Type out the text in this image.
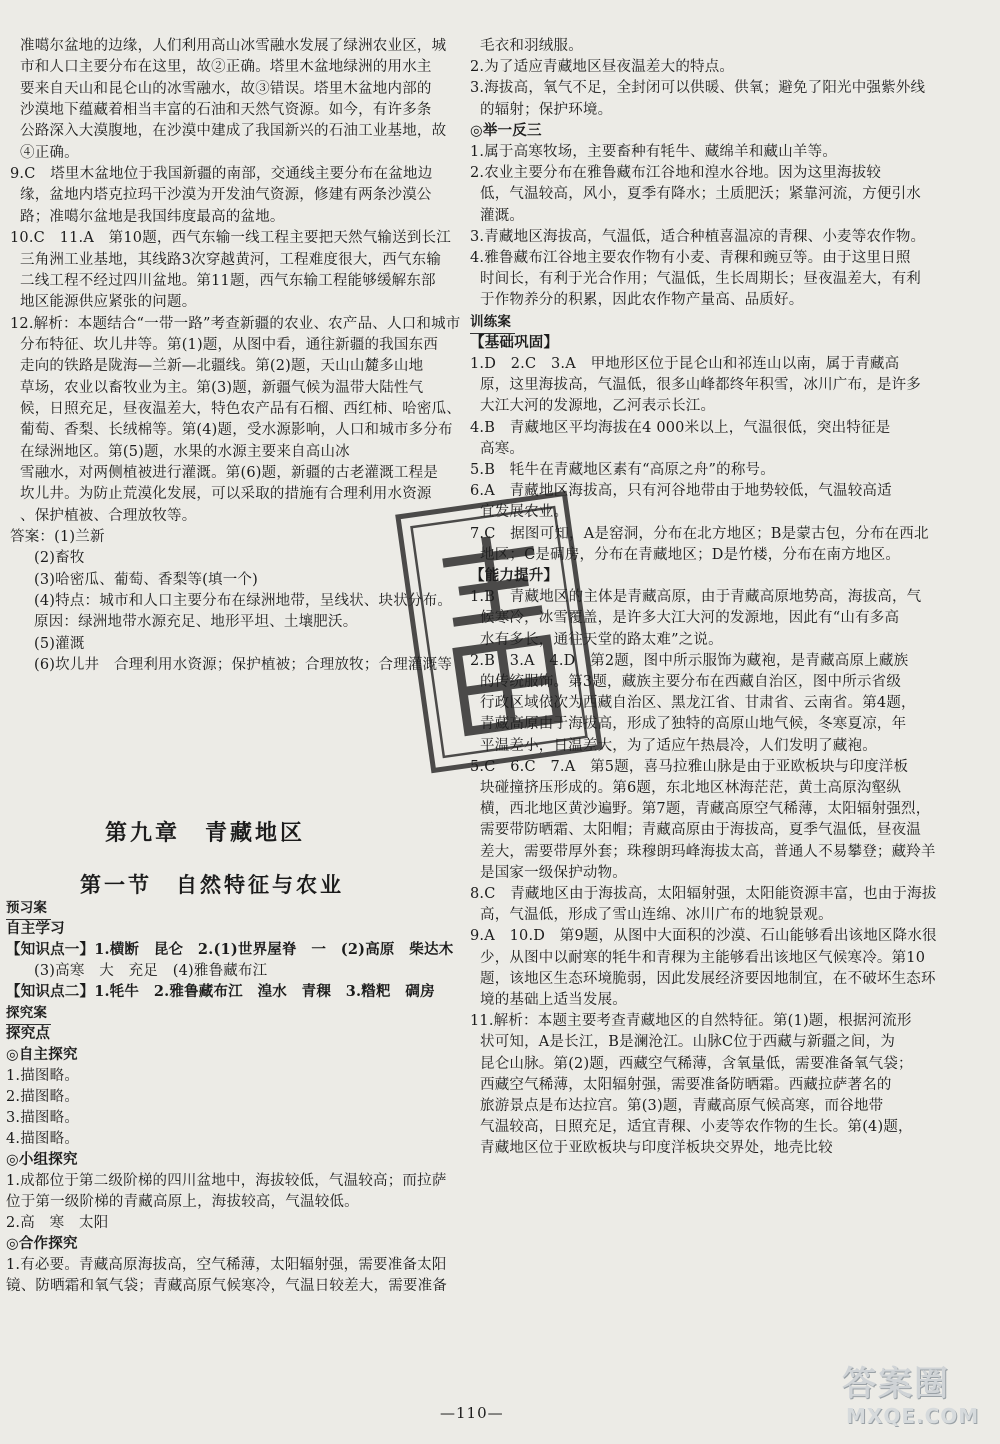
准噶尔盆地的边缘，人们利用高山冰雪融水发展了绿洲农业区，城
市和人口主要分布在这里，故②正确。塔里木盆地绿洲的用水主
要来自天山和昆仑山的冰雪融水，故③错误。塔里木盆地内部的
沙漠地下蕴藏着相当丰富的石油和天然气资源。如今，有许多条
公路深入大漠腹地，在沙漠中建成了我国新兴的石油工业基地，故
④正确。
9.C　塔里木盆地位于我国新疆的南部，交通线主要分布在盆地边
缘，盆地内塔克拉玛干沙漠为开发油气资源，修建有两条沙漠公
路；准噶尔盆地是我国纬度最高的盆地。
10.C　11.A　第10题，西气东输一线工程主要把天然气输送到长江
三角洲工业基地，其线路3次穿越黄河，工程难度很大，西气东输
二线工程不经过四川盆地。第11题，西气东输工程能够缓解东部
地区能源供应紧张的问题。
12.解析：本题结合“一带一路”考查新疆的农业、农产品、人口和城市
分布特征、坎儿井等。第(1)题，从图中看，通往新疆的我国东西
走向的铁路是陇海—兰新—北疆线。第(2)题，天山山麓多山地
草场，农业以畜牧业为主。第(3)题，新疆气候为温带大陆性气
候，日照充足，昼夜温差大，特色农产品有石榴、西红柿、哈密瓜、
葡萄、香梨、长绒棉等。第(4)题，受水源影响，人口和城市多分布
在绿洲地区。第(5)题，水果的水源主要来自高山冰
雪融水，对两侧植被进行灌溉。第(6)题，新疆的古老灌溉工程是
坎儿井。为防止荒漠化发展，可以采取的措施有合理利用水资源
、保护植被、合理放牧等。
答案：(1)兰新
(2)畜牧
(3)哈密瓜、葡萄、香梨等(填一个)
(4)特点：城市和人口主要分布在绿洲地带，呈线状、块状分布。
原因：绿洲地带水源充足、地形平坦、土壤肥沃。
(5)灌溉
(6)坎儿井　合理利用水资源；保护植被；合理放牧；合理灌溉等
预习案
自主学习
【知识点一】1.横断　昆仑　2.(1)世界屋脊　一　(2)高原　柴达木
(3)高寒　大　充足　(4)雅鲁藏布江
【知识点二】1.牦牛　2.雅鲁藏布江　湟水　青稞　3.糌粑　碉房
探究案
探究点
◎自主探究
1.描图略。
2.描图略。
3.描图略。
4.描图略。
◎小组探究
1.成都位于第二级阶梯的四川盆地中，海拔较低，气温较高；而拉萨
位于第一级阶梯的青藏高原上，海拔较高，气温较低。
2.高　寒　太阳
◎合作探究
1.有必要。青藏高原海拔高，空气稀薄，太阳辐射强，需要准备太阳
镜、防晒霜和氧气袋；青藏高原气候寒冷，气温日较差大，需要准备
毛衣和羽绒服。
2.为了适应青藏地区昼夜温差大的特点。
3.海拔高，氧气不足，全封闭可以供暖、供氧；避免了阳光中强紫外线
的辐射；保护环境。
◎举一反三
1.属于高寒牧场，主要畜种有牦牛、藏绵羊和藏山羊等。
2.农业主要分布在雅鲁藏布江谷地和湟水谷地。因为这里海拔较
低，气温较高，风小，夏季有降水；土质肥沃；紧靠河流，方便引水
灌溉。
3.青藏地区海拔高，气温低，适合种植喜温凉的青稞、小麦等农作物。
4.雅鲁藏布江谷地主要农作物有小麦、青稞和豌豆等。由于这里日照
时间长，有利于光合作用；气温低，生长周期长；昼夜温差大，有利
于作物养分的积累，因此农作物产量高、品质好。
训练案
【基础巩固】
1.D　2.C　3.A　甲地形区位于昆仑山和祁连山以南，属于青藏高
原，这里海拔高，气温低，很多山峰都终年积雪，冰川广布，是许多
大江大河的发源地，乙河表示长江。
4.B　青藏地区平均海拔在4 000米以上，气温很低，突出特征是
高寒。
5.B　牦牛在青藏地区素有“高原之舟”的称号。
6.A　青藏地区海拔高，只有河谷地带由于地势较低，气温较高适
宜发展农业。
7.C　据图可知，A是窑洞，分布在北方地区；B是蒙古包，分布在西北
地区；C是碉房，分布在青藏地区；D是竹楼，分布在南方地区。
【能力提升】
1.B　青藏地区的主体是青藏高原，由于青藏高原地势高，海拔高，气
候寒冷，冰雪覆盖，是许多大江大河的发源地，因此有“山有多高
水有多长，通往天堂的路太难”之说。
2.B　3.A　4.D　第2题，图中所示服饰为藏袍，是青藏高原上藏族
的传统服饰。第3题，藏族主要分布在西藏自治区，图中所示省级
行政区域依次为西藏自治区、黑龙江省、甘肃省、云南省。第4题，
青藏高原由于海拔高，形成了独特的高原山地气候，冬寒夏凉，年
平温差小，日温差大，为了适应午热晨冷，人们发明了藏袍。
5.C　6.C　7.A　第5题，喜马拉雅山脉是由于亚欧板块与印度洋板
块碰撞挤压形成的。第6题，东北地区林海茫茫，黄土高原沟壑纵
横，西北地区黄沙遍野。第7题，青藏高原空气稀薄，太阳辐射强烈，
需要带防晒霜、太阳帽；青藏高原由于海拔高，夏季气温低，昼夜温
差大，需要带厚外套；珠穆朗玛峰海拔太高，普通人不易攀登；藏羚羊
是国家一级保护动物。
8.C　青藏地区由于海拔高，太阳辐射强，太阳能资源丰富，也由于海拔
高，气温低，形成了雪山连绵、冰川广布的地貌景观。
9.A　10.D　第9题，从图中大面积的沙漠、石山能够看出该地区降水很
少，从图中以耐寒的牦牛和青稞为主能够看出该地区气候寒冷。第10
题，该地区生态环境脆弱，因此发展经济要因地制宜，在不破坏生态环
境的基础上适当发展。
11.解析：本题主要考查青藏地区的自然特征。第(1)题，根据河流形
状可知，A是长江，B是澜沧江。山脉C位于西藏与新疆之间，为
昆仑山脉。第(2)题，西藏空气稀薄，含氧量低，需要准备氧气袋；
西藏空气稀薄，太阳辐射强，需要准备防晒霜。西藏拉萨著名的
旅游景点是布达拉宫。第(3)题，青藏高原气候高寒，而谷地带
气温较高，日照充足，适宜青稞、小麦等农作物的生长。第(4)题，
青藏地区位于亚欧板块与印度洋板块交界处，地壳比较
第九章　青藏地区
第一节　自然特征与农业
—110—
答案圈
MXQE.COM
